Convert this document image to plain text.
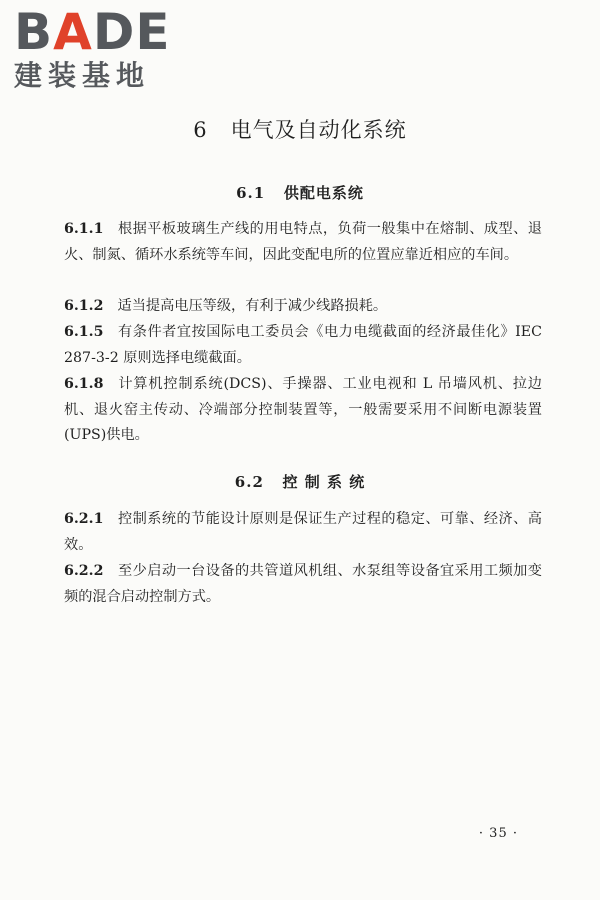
BADE
建装基地
6   电气及自动化系统
6.1   供配电系统
6.1.1 根据平板玻璃生产线的用电特点，负荷一般集中在熔制、成型、退火、制氮、循环水系统等车间，因此变配电所的位置应靠近相应的车间。
6.1.2 适当提高电压等级，有利于减少线路损耗。
6.1.5 有条件者宜按国际电工委员会《电力电缆截面的经济最佳化》IEC 287-3-2 原则选择电缆截面。
6.1.8 计算机控制系统(DCS)、手操器、工业电视和 L 吊墙风机、拉边机、退火窑主传动、冷端部分控制装置等，一般需要采用不间断电源装置(UPS)供电。
6.2   控 制 系 统
6.2.1 控制系统的节能设计原则是保证生产过程的稳定、可靠、经济、高效。
6.2.2 至少启动一台设备的共管道风机组、水泵组等设备宜采用工频加变频的混合启动控制方式。
· 35 ·
